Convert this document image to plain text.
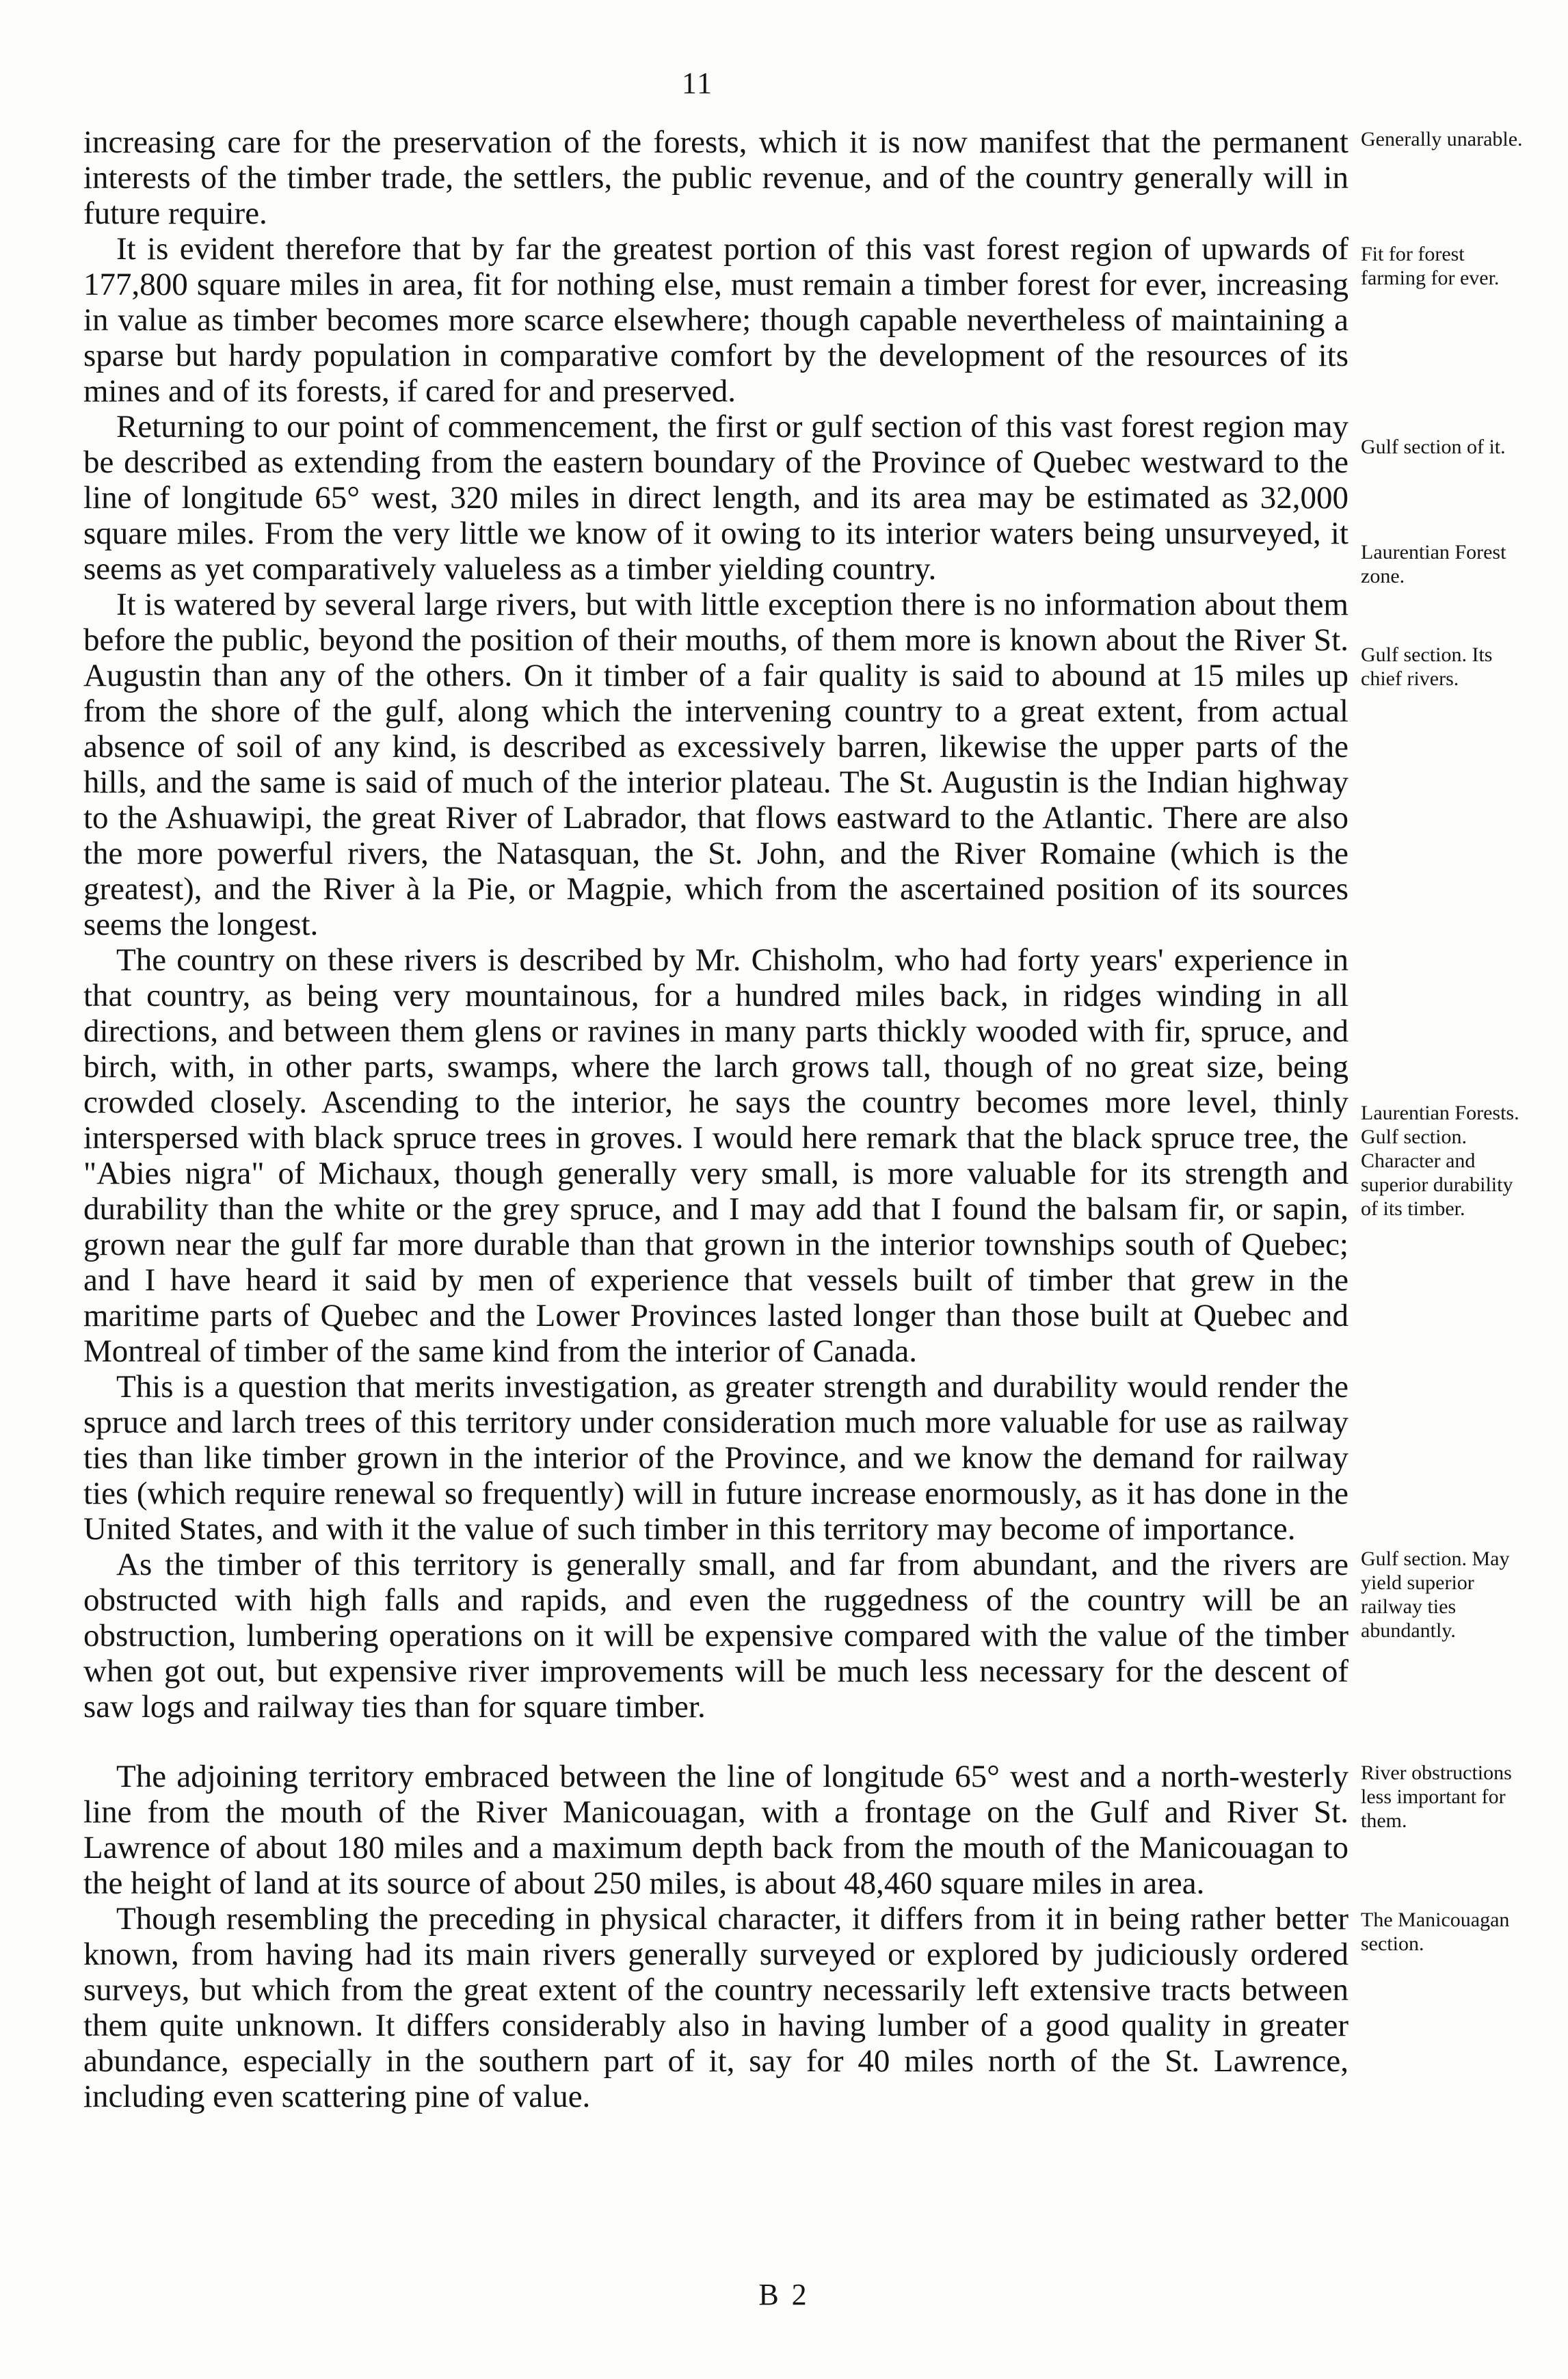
11

increasing care for the preservation of the forests, which it is now manifest that the permanent interests of the timber trade, the settlers, the public revenue, and of the country generally will in future require.

It is evident therefore that by far the greatest portion of this vast forest region of upwards of 177,800 square miles in area, fit for nothing else, must remain a timber forest for ever, increasing in value as timber becomes more scarce elsewhere; though capable nevertheless of maintaining a sparse but hardy population in comparative comfort by the development of the resources of its mines and of its forests, if cared for and preserved.

Returning to our point of commencement, the first or gulf section of this vast forest region may be described as extending from the eastern boundary of the Province of Quebec westward to the line of longitude 65° west, 320 miles in direct length, and its area may be estimated as 32,000 square miles. From the very little we know of it owing to its interior waters being unsurveyed, it seems as yet comparatively valueless as a timber yielding country.

It is watered by several large rivers, but with little exception there is no information about them before the public, beyond the position of their mouths, of them more is known about the River St. Augustin than any of the others. On it timber of a fair quality is said to abound at 15 miles up from the shore of the gulf, along which the intervening country to a great extent, from actual absence of soil of any kind, is described as excessively barren, likewise the upper parts of the hills, and the same is said of much of the interior plateau. The St. Augustin is the Indian highway to the Ashuawipi, the great River of Labrador, that flows eastward to the Atlantic. There are also the more powerful rivers, the Natasquan, the St. John, and the River Romaine (which is the greatest), and the River à la Pie, or Magpie, which from the ascertained position of its sources seems the longest.

The country on these rivers is described by Mr. Chisholm, who had forty years' experience in that country, as being very mountainous, for a hundred miles back, in ridges winding in all directions, and between them glens or ravines in many parts thickly wooded with fir, spruce, and birch, with, in other parts, swamps, where the larch grows tall, though of no great size, being crowded closely. Ascending to the interior, he says the country becomes more level, thinly interspersed with black spruce trees in groves. I would here remark that the black spruce tree, the "Abies nigra" of Michaux, though generally very small, is more valuable for its strength and durability than the white or the grey spruce, and I may add that I found the balsam fir, or sapin, grown near the gulf far more durable than that grown in the interior townships south of Quebec; and I have heard it said by men of experience that vessels built of timber that grew in the maritime parts of Quebec and the Lower Provinces lasted longer than those built at Quebec and Montreal of timber of the same kind from the interior of Canada.

This is a question that merits investigation, as greater strength and durability would render the spruce and larch trees of this territory under consideration much more valuable for use as railway ties than like timber grown in the interior of the Province, and we know the demand for railway ties (which require renewal so frequently) will in future increase enormously, as it has done in the United States, and with it the value of such timber in this territory may become of importance.

As the timber of this territory is generally small, and far from abundant, and the rivers are obstructed with high falls and rapids, and even the ruggedness of the country will be an obstruction, lumbering operations on it will be expensive compared with the value of the timber when got out, but expensive river improvements will be much less necessary for the descent of saw logs and railway ties than for square timber.

The adjoining territory embraced between the line of longitude 65° west and a north-westerly line from the mouth of the River Manicouagan, with a frontage on the Gulf and River St. Lawrence of about 180 miles and a maximum depth back from the mouth of the Manicouagan to the height of land at its source of about 250 miles, is about 48,460 square miles in area.

Though resembling the preceding in physical character, it differs from it in being rather better known, from having had its main rivers generally surveyed or explored by judiciously ordered surveys, but which from the great extent of the country necessarily left extensive tracts between them quite unknown. It differs considerably also in having lumber of a good quality in greater abundance, especially in the southern part of it, say for 40 miles north of the St. Lawrence, including even scattering pine of value.

Generally unarable.

Fit for forest farming for ever.

Gulf section of it.

Laurentian Forest zone.

Gulf section. Its chief rivers.

Laurentian Forests. Gulf section. Character and superior durability of its timber.

Gulf section. May yield superior railway ties abundantly.

River obstructions less important for them.

The Manicouagan section.

B 2
